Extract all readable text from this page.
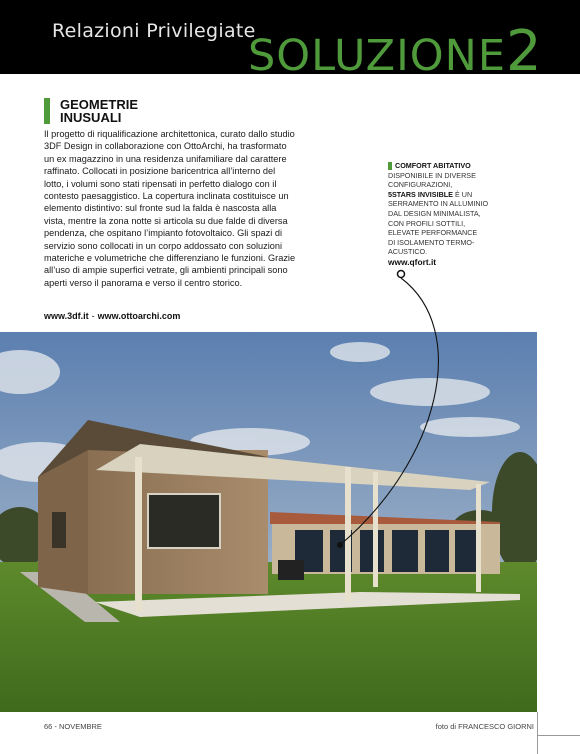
Relazioni Privilegiate
SOLUZIONE2
GEOMETRIE
INUSUALI
Il progetto di riqualificazione architettonica, curato dallo studio 3DF Design in collaborazione con OttoArchi, ha trasformato un ex magazzino in una residenza unifamiliare dal carattere raffinato. Collocati in posizione baricentrica all’interno del lotto, i volumi sono stati ripensati in perfetto dialogo con il contesto paesaggistico. La copertura inclinata costituisce un elemento distintivo: sul fronte sud la falda è nascosta alla vista, mentre la zona notte si articola su due falde di diversa pendenza, che ospitano l’impianto fotovoltaico. Gli spazi di servizio sono collocati in un corpo addossato con soluzioni materiche e volumetriche che differenziano le funzioni. Grazie all’uso di ampie superfici vetrate, gli ambienti principali sono aperti verso il panorama e verso il centro storico.
www.3df.it - www.ottoarchi.com
COMFORT ABITATIVO
DISPONIBILE IN DIVERSE
CONFIGURAZIONI,
5STARS INVISIBLE È UN
SERRAMENTO IN ALLUMINIO
DAL DESIGN MINIMALISTA,
CON PROFILI SOTTILI,
ELEVATE PERFORMANCE
DI ISOLAMENTO TERMO-
ACUSTICO.
www.qfort.it
66 - NOVEMBRE	foto di FRANCESCO GIORNI
